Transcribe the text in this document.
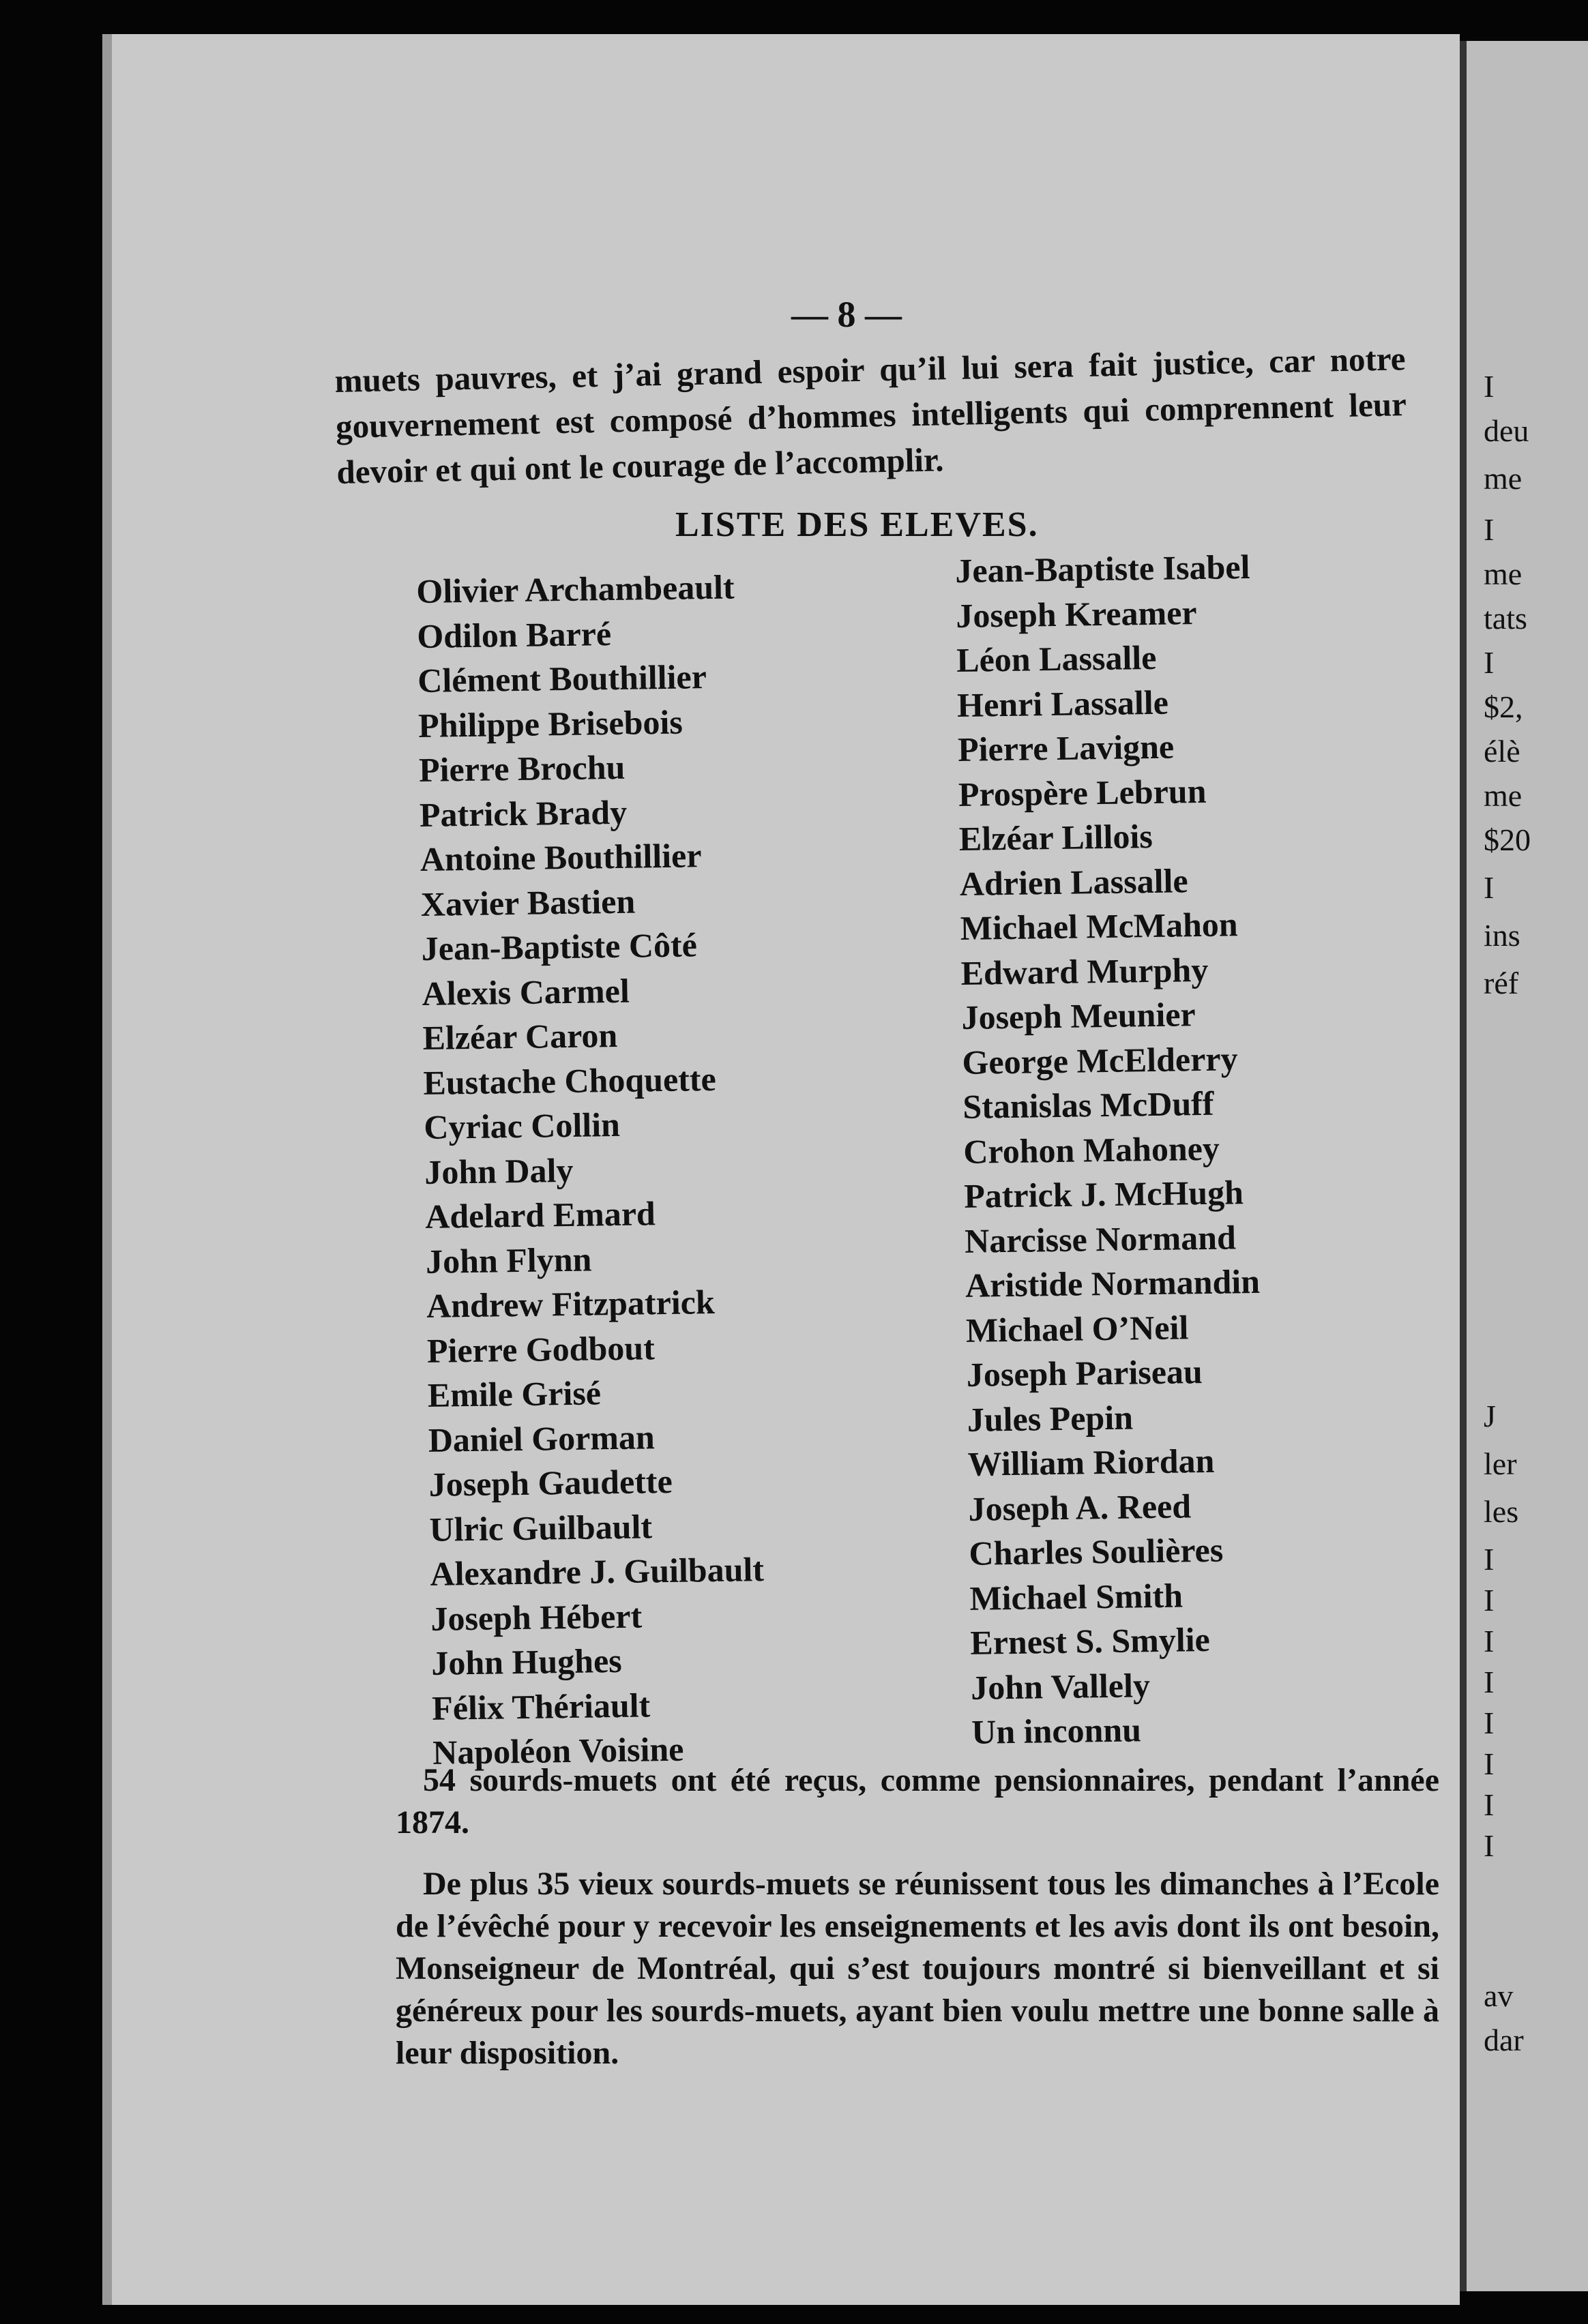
I
deu
me
I
me
tats
I
$2,
élè
me
$20
I
ins
réf
J
ler
les
I
I
I
I
I
I
I
I
av
dar
— 8 —

muets pauvres, et j’ai grand espoir qu’il lui sera fait justice, car notre gouvernement est composé d’hommes intelligents qui comprennent leur devoir et qui ont le courage de l’accomplir.

LISTE DES ELEVES.
Olivier Archambeault
Odilon Barré
Clément Bouthillier
Philippe Brisebois
Pierre Brochu
Patrick Brady
Antoine Bouthillier
Xavier Bastien
Jean-Baptiste Côté
Alexis Carmel
Elzéar Caron
Eustache Choquette
Cyriac Collin
John Daly
Adelard Emard
John Flynn
Andrew Fitzpatrick
Pierre Godbout
Emile Grisé
Daniel Gorman
Joseph Gaudette
Ulric Guilbault
Alexandre J. Guilbault
Joseph Hébert
John Hughes
Félix Thériault
Napoléon Voisine
Jean-Baptiste Isabel
Joseph Kreamer
Léon Lassalle
Henri Lassalle
Pierre Lavigne
Prospère Lebrun
Elzéar Lillois
Adrien Lassalle
Michael McMahon
Edward Murphy
Joseph Meunier
George McElderry
Stanislas McDuff
Crohon Mahoney
Patrick J. McHugh
Narcisse Normand
Aristide Normandin
Michael O’Neil
Joseph Pariseau
Jules Pepin
William Riordan
Joseph A. Reed
Charles Soulières
Michael Smith
Ernest S. Smylie
John Vallely
Un inconnu

54 sourds-muets ont été reçus, comme pensionnaires, pendant l’année 1874.

De plus 35 vieux sourds-muets se réunissent tous les dimanches à l’Ecole de l’évêché pour y recevoir les enseignements et les avis dont ils ont besoin, Monseigneur de Montréal, qui s’est toujours montré si bienveillant et si généreux pour les sourds-muets, ayant bien voulu mettre une bonne salle à leur disposition.
